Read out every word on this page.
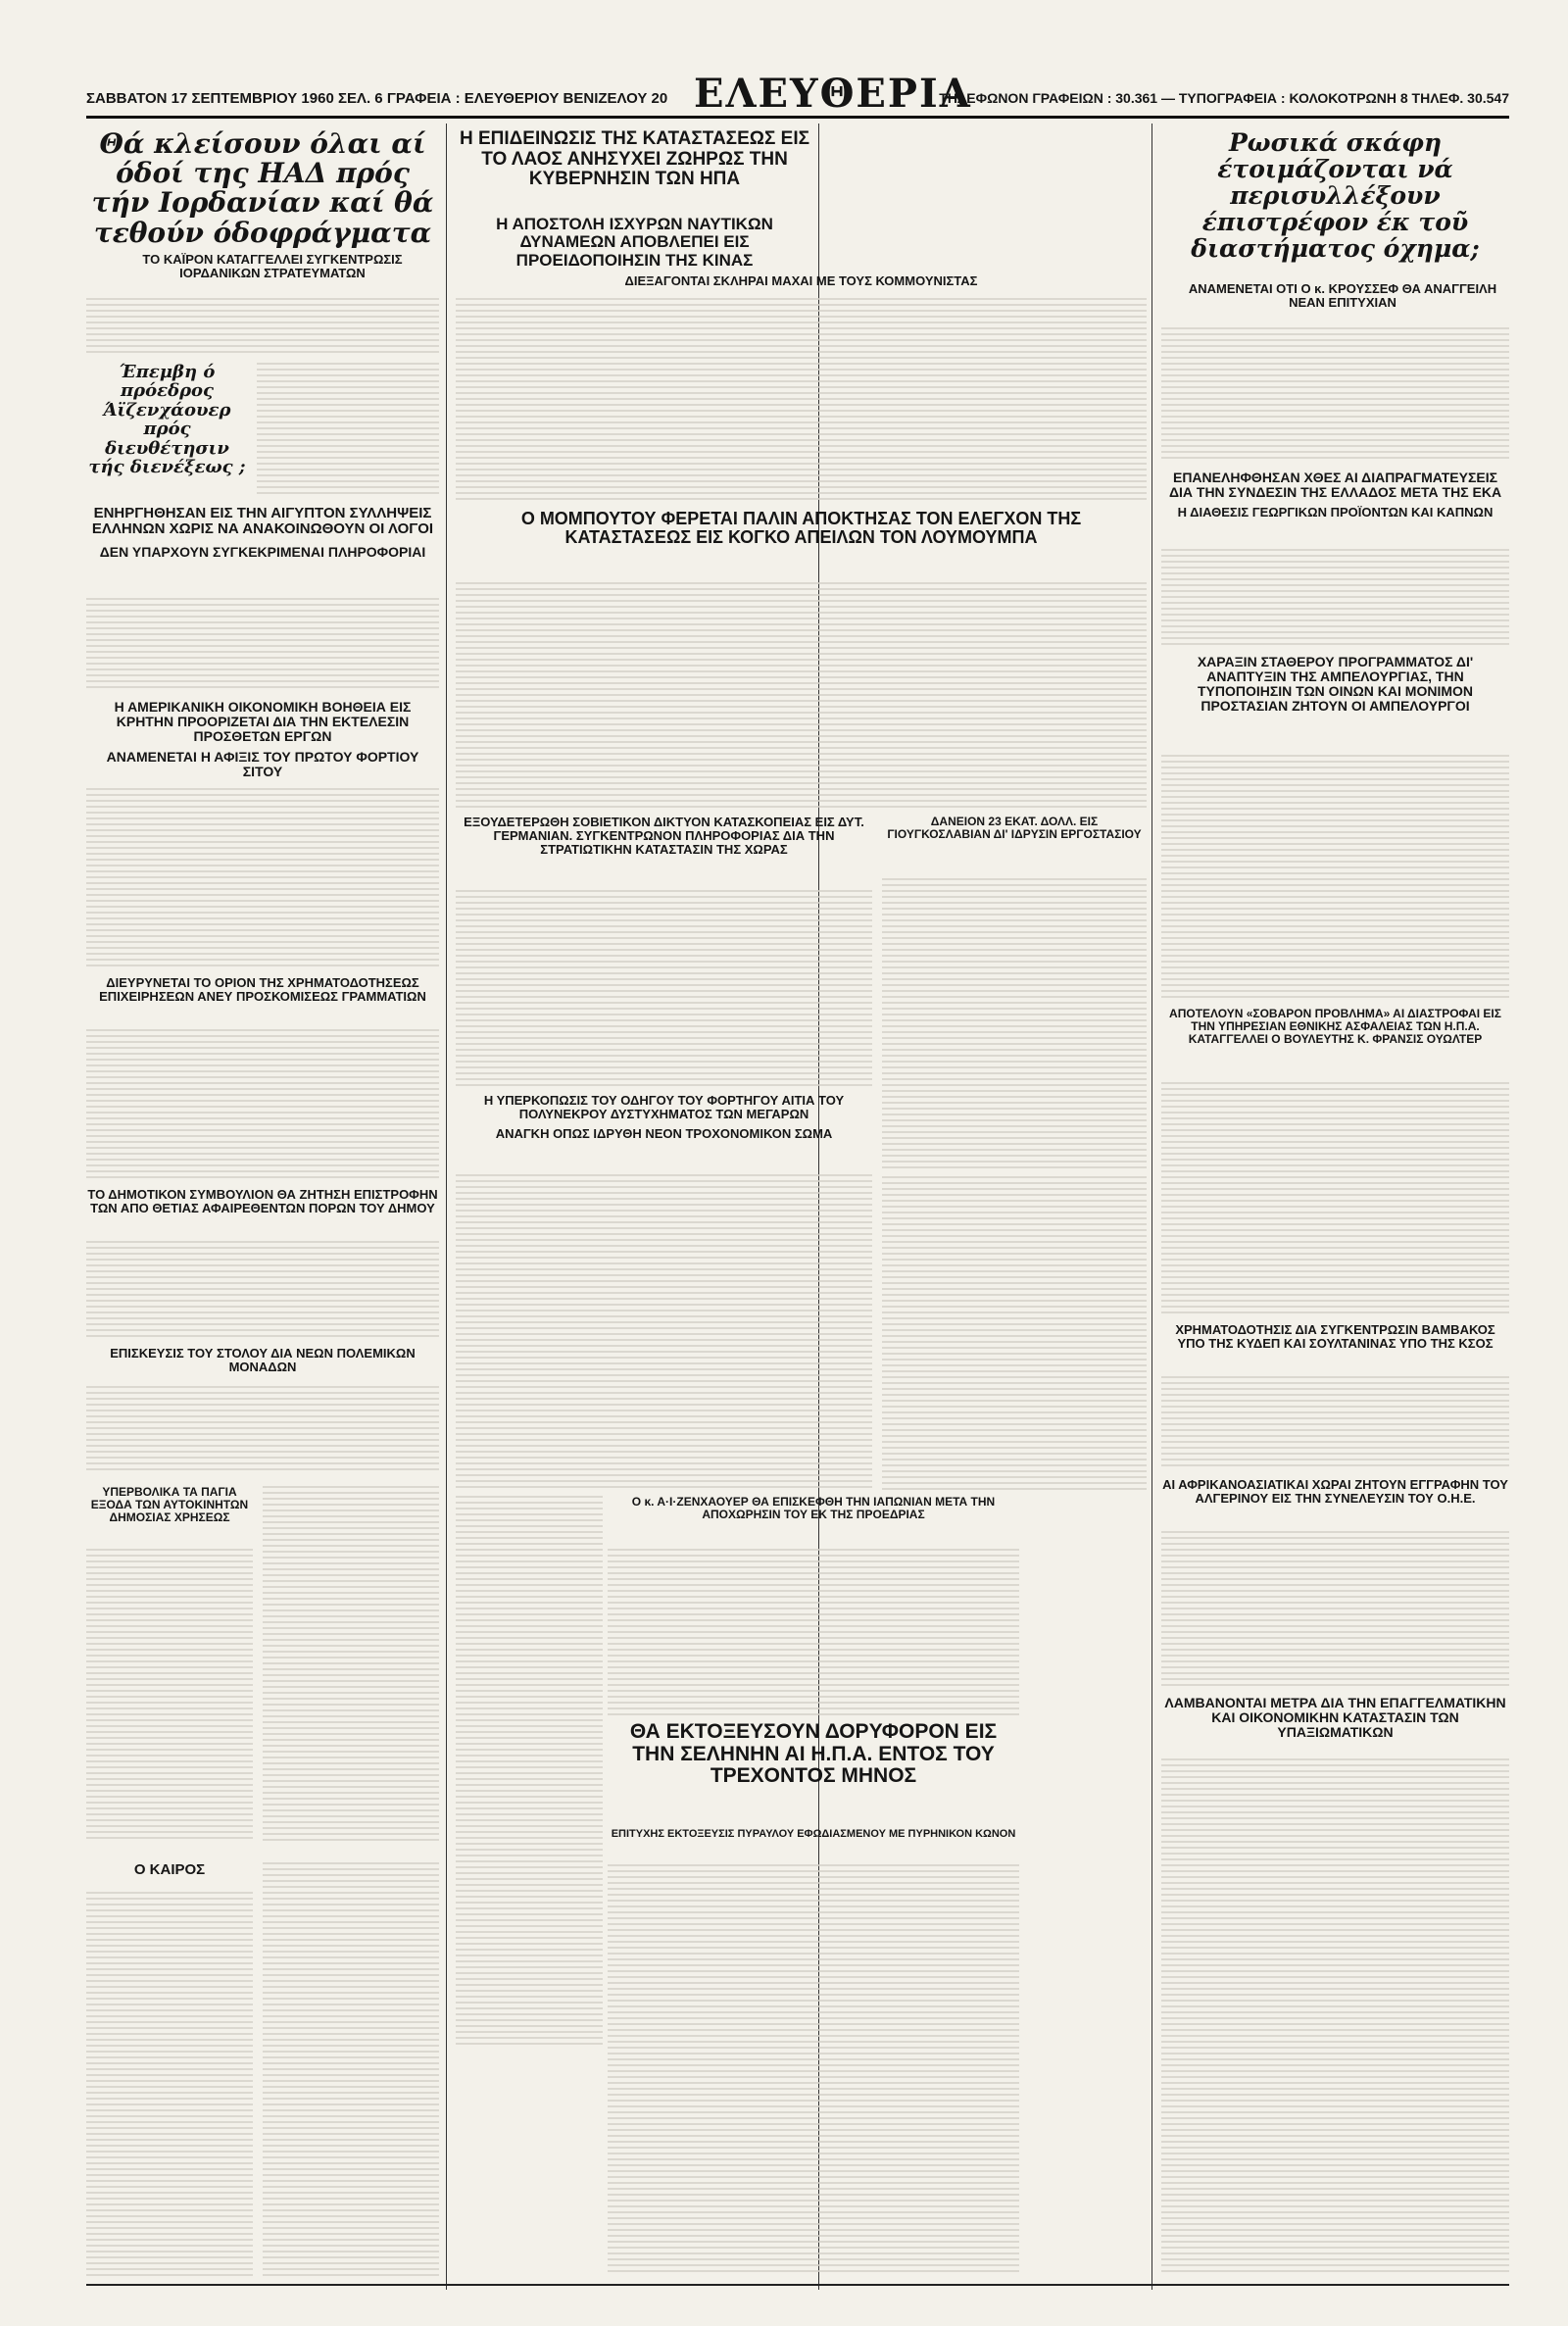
ΣΑΒΒΑΤΟΝ 17 ΣΕΠΤΕΜΒΡΙΟΥ 1960 ΣΕΛ. 6 ΓΡΑΦΕΙΑ : ΕΛΕΥΘΕΡΙΟΥ ΒΕΝΙΖΕΛΟΥ 20 ΕΛΕΥΘΕΡΙΑ
ΤΗΛΕΦΩΝΟΝ ΓΡΑΦΕΙΩΝ : 30.361 — ΤΥΠΟΓΡΑΦΕΙΑ : ΚΟΛΟΚΟΤΡΩΝΗ 8 ΤΗΛΕΦ. 30.547
Θά κλείσουν όλαι αί όδοί της ΗΑΔ πρός τήν Ιορδανίαν καί θά τεθούν όδοφράγματα
ΤΟ ΚΑΪΡΟΝ ΚΑΤΑΓΓΕΛΛΕΙ ΣΥΓΚΕΝΤΡΩΣΙΣ ΙΟΡΔΑΝΙΚΩΝ ΣΤΡΑΤΕΥΜΑΤΩΝ
Έπεμβη ό πρόεδρος Άϊζενχάουερ πρός διευθέτησιν τής διενέξεως ;
ΕΝΗΡΓΗΘΗΣΑΝ ΕΙΣ ΤΗΝ ΑΙΓΥΠΤΟΝ ΣΥΛΛΗΨΕΙΣ ΕΛΛΗΝΩΝ ΧΩΡΙΣ ΝΑ ΑΝΑΚΟΙΝΩΘΟΥΝ ΟΙ ΛΟΓΟΙ
ΔΕΝ ΥΠΑΡΧΟΥΝ ΣΥΓΚΕΚΡΙΜΕΝΑΙ ΠΛΗΡΟΦΟΡΙΑΙ
Η ΑΜΕΡΙΚΑΝΙΚΗ ΟΙΚΟΝΟΜΙΚΗ ΒΟΗΘΕΙΑ ΕΙΣ ΚΡΗΤΗΝ ΠΡΟΟΡΙΖΕΤΑΙ ΔΙΑ ΤΗΝ ΕΚΤΕΛΕΣΙΝ ΠΡΟΣΘΕΤΩΝ ΕΡΓΩΝ
ΑΝΑΜΕΝΕΤΑΙ Η ΑΦΙΞΙΣ ΤΟΥ ΠΡΩΤΟΥ ΦΟΡΤΙΟΥ ΣΙΤΟΥ
ΔΙΕΥΡΥΝΕΤΑΙ ΤΟ ΟΡΙΟΝ ΤΗΣ ΧΡΗΜΑΤΟΔΟΤΗΣΕΩΣ ΕΠΙΧΕΙΡΗΣΕΩΝ ΑΝΕΥ ΠΡΟΣΚΟΜΙΣΕΩΣ ΓΡΑΜΜΑΤΙΩΝ
ΤΟ ΔΗΜΟΤΙΚΟΝ ΣΥΜΒΟΥΛΙΟΝ ΘΑ ΖΗΤΗΣΗ ΕΠΙΣΤΡΟΦΗΝ ΤΩΝ ΑΠΟ ΘΕΤΙΑΣ ΑΦΑΙΡΕΘΕΝΤΩΝ ΠΟΡΩΝ ΤΟΥ ΔΗΜΟΥ
ΕΠΙΣΚΕΥΣΙΣ ΤΟΥ ΣΤΟΛΟΥ ΔΙΑ ΝΕΩΝ ΠΟΛΕΜΙΚΩΝ ΜΟΝΑΔΩΝ
ΥΠΕΡΒΟΛΙΚΑ ΤΑ ΠΑΓΙΑ ΕΞΟΔΑ ΤΩΝ ΑΥΤΟΚΙΝΗΤΩΝ ΔΗΜΟΣΙΑΣ ΧΡΗΣΕΩΣ
Ο ΚΑΙΡΟΣ
Η ΕΠΙΔΕΙΝΩΣΙΣ ΤΗΣ ΚΑΤΑΣΤΑΣΕΩΣ ΕΙΣ ΤΟ ΛΑΟΣ ΑΝΗΣΥΧΕΙ ΖΩΗΡΩΣ ΤΗΝ ΚΥΒΕΡΝΗΣΙΝ ΤΩΝ ΗΠΑ
Η ΑΠΟΣΤΟΛΗ ΙΣΧΥΡΩΝ ΝΑΥΤΙΚΩΝ ΔΥΝΑΜΕΩΝ ΑΠΟΒΛΕΠΕΙ ΕΙΣ ΠΡΟΕΙΔΟΠΟΙΗΣΙΝ ΤΗΣ ΚΙΝΑΣ
ΔΙΕΞΑΓΟΝΤΑΙ ΣΚΛΗΡΑΙ ΜΑΧΑΙ ΜΕ ΤΟΥΣ ΚΟΜΜΟΥΝΙΣΤΑΣ
Ο ΜΟΜΠΟΥΤΟΥ ΦΕΡΕΤΑΙ ΠΑΛΙΝ ΑΠΟΚΤΗΣΑΣ ΤΟΝ ΕΛΕΓΧΟΝ ΤΗΣ ΚΑΤΑΣΤΑΣΕΩΣ ΕΙΣ ΚΟΓΚΟ ΑΠΕΙΛΩΝ ΤΟΝ ΛΟΥΜΟΥΜΠΑ
ΕΞΟΥΔΕΤΕΡΩΘΗ ΣΟΒΙΕΤΙΚΟΝ ΔΙΚΤΥΟΝ ΚΑΤΑΣΚΟΠΕΙΑΣ ΕΙΣ ΔΥΤ. ΓΕΡΜΑΝΙΑΝ. ΣΥΓΚΕΝΤΡΩΝΟΝ ΠΛΗΡΟΦΟΡΙΑΣ ΔΙΑ ΤΗΝ ΣΤΡΑΤΙΩΤΙΚΗΝ ΚΑΤΑΣΤΑΣΙΝ ΤΗΣ ΧΩΡΑΣ
ΔΑΝΕΙΟΝ 23 ΕΚΑΤ. ΔΟΛΛ. ΕΙΣ ΓΙΟΥΓΚΟΣΛΑΒΙΑΝ ΔΙ' ΙΔΡΥΣΙΝ ΕΡΓΟΣΤΑΣΙΟΥ
Η ΥΠΕΡΚΟΠΩΣΙΣ ΤΟΥ ΟΔΗΓΟΥ ΤΟΥ ΦΟΡΤΗΓΟΥ ΑΙΤΙΑ ΤΟΥ ΠΟΛΥΝΕΚΡΟΥ ΔΥΣΤΥΧΗΜΑΤΟΣ ΤΩΝ ΜΕΓΑΡΩΝ
ΑΝΑΓΚΗ ΟΠΩΣ ΙΔΡΥΘΗ ΝΕΟΝ ΤΡΟΧΟΝΟΜΙΚΟΝ ΣΩΜΑ
Ο κ. Α·Ι·ΖΕΝΧΑΟΥΕΡ ΘΑ ΕΠΙΣΚΕΦΘΗ ΤΗΝ ΙΑΠΩΝΙΑΝ ΜΕΤΑ ΤΗΝ ΑΠΟΧΩΡΗΣΙΝ ΤΟΥ ΕΚ ΤΗΣ ΠΡΟΕΔΡΙΑΣ
ΘΑ ΕΚΤΟΞΕΥΣΟΥΝ ΔΟΡΥΦΟΡΟΝ ΕΙΣ ΤΗΝ ΣΕΛΗΝΗΝ ΑΙ Η.Π.Α. ΕΝΤΟΣ ΤΟΥ ΤΡΕΧΟΝΤΟΣ ΜΗΝΟΣ
ΕΠΙΤΥΧΗΣ ΕΚΤΟΞΕΥΣΙΣ ΠΥΡΑΥΛΟΥ ΕΦΩΔΙΑΣΜΕΝΟΥ ΜΕ ΠΥΡΗΝΙΚΟΝ ΚΩΝΟΝ
Ρωσικά σκάφη έτοιμάζονται νά περισυλλέξουν έπιστρέφον έκ τοῦ διαστήματος όχημα;
ΑΝΑΜΕΝΕΤΑΙ ΟΤΙ Ο κ. ΚΡΟΥΣΣΕΦ ΘΑ ΑΝΑΓΓΕΙΛΗ ΝΕΑΝ ΕΠΙΤΥΧΙΑΝ
ΕΠΑΝΕΛΗΦΘΗΣΑΝ ΧΘΕΣ ΑΙ ΔΙΑΠΡΑΓΜΑΤΕΥΣΕΙΣ ΔΙΑ ΤΗΝ ΣΥΝΔΕΣΙΝ ΤΗΣ ΕΛΛΑΔΟΣ ΜΕΤΑ ΤΗΣ ΕΚΑ
Η ΔΙΑΘΕΣΙΣ ΓΕΩΡΓΙΚΩΝ ΠΡΟΪΟΝΤΩΝ ΚΑΙ ΚΑΠΝΩΝ
ΧΑΡΑΞΙΝ ΣΤΑΘΕΡΟΥ ΠΡΟΓΡΑΜΜΑΤΟΣ ΔΙ' ΑΝΑΠΤΥΞΙΝ ΤΗΣ ΑΜΠΕΛΟΥΡΓΙΑΣ, ΤΗΝ ΤΥΠΟΠΟΙΗΣΙΝ ΤΩΝ ΟΙΝΩΝ ΚΑΙ ΜΟΝΙΜΟΝ ΠΡΟΣΤΑΣΙΑΝ ΖΗΤΟΥΝ ΟΙ ΑΜΠΕΛΟΥΡΓΟΙ
ΑΠΟΤΕΛΟΥΝ «ΣΟΒΑΡΟΝ ΠΡΟΒΛΗΜΑ» ΑΙ ΔΙΑΣΤΡΟΦΑΙ ΕΙΣ ΤΗΝ ΥΠΗΡΕΣΙΑΝ ΕΘΝΙΚΗΣ ΑΣΦΑΛΕΙΑΣ ΤΩΝ Η.Π.Α. ΚΑΤΑΓΓΕΛΛΕΙ Ο ΒΟΥΛΕΥΤΗΣ Κ. ΦΡΑΝΣΙΣ ΟΥΩΛΤΕΡ
ΧΡΗΜΑΤΟΔΟΤΗΣΙΣ ΔΙΑ ΣΥΓΚΕΝΤΡΩΣΙΝ ΒΑΜΒΑΚΟΣ ΥΠΟ ΤΗΣ ΚΥΔΕΠ ΚΑΙ ΣΟΥΛΤΑΝΙΝΑΣ ΥΠΟ ΤΗΣ ΚΣΟΣ
ΑΙ ΑΦΡΙΚΑΝΟΑΣΙΑΤΙΚΑΙ ΧΩΡΑΙ ΖΗΤΟΥΝ ΕΓΓΡΑΦΗΝ ΤΟΥ ΑΛΓΕΡΙΝΟΥ ΕΙΣ ΤΗΝ ΣΥΝΕΛΕΥΣΙΝ ΤΟΥ Ο.Η.Ε.
ΛΑΜΒΑΝΟΝΤΑΙ ΜΕΤΡΑ ΔΙΑ ΤΗΝ ΕΠΑΓΓΕΛΜΑΤΙΚΗΝ ΚΑΙ ΟΙΚΟΝΟΜΙΚΗΝ ΚΑΤΑΣΤΑΣΙΝ ΤΩΝ ΥΠΑΞΙΩΜΑΤΙΚΩΝ
